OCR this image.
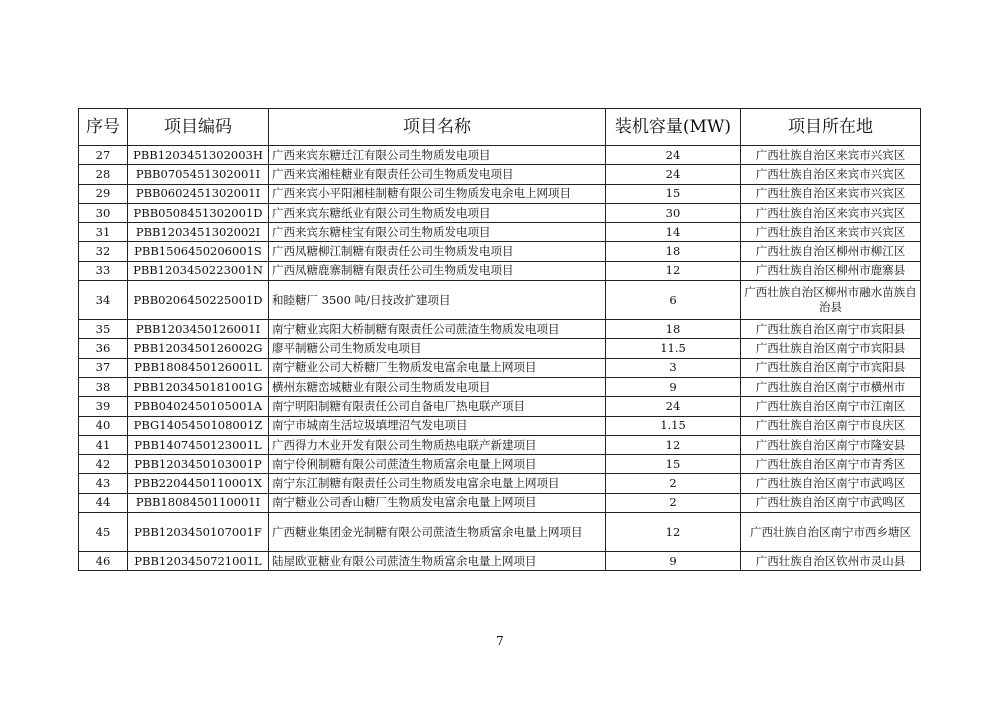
序号	项目编码	项目名称	装机容量(MW)	项目所在地
27	PBB1203451302003H	广西来宾东糖迁江有限公司生物质发电项目	24	广西壮族自治区来宾市兴宾区
28	PBB0705451302001I	广西来宾湘桂糖业有限责任公司生物质发电项目	24	广西壮族自治区来宾市兴宾区
29	PBB0602451302001I	广西来宾小平阳湘桂制糖有限公司生物质发电余电上网项目	15	广西壮族自治区来宾市兴宾区
30	PBB0508451302001D	广西来宾东糖纸业有限公司生物质发电项目	30	广西壮族自治区来宾市兴宾区
31	PBB1203451302002I	广西来宾东糖桂宝有限公司生物质发电项目	14	广西壮族自治区来宾市兴宾区
32	PBB1506450206001S	广西凤糖柳江制糖有限责任公司生物质发电项目	18	广西壮族自治区柳州市柳江区
33	PBB1203450223001N	广西凤糖鹿寨制糖有限责任公司生物质发电项目	12	广西壮族自治区柳州市鹿寨县
34	PBB0206450225001D	和睦糖厂 3500 吨/日技改扩建项目	6	广西壮族自治区柳州市融水苗族自治县
35	PBB1203450126001I	南宁糖业宾阳大桥制糖有限责任公司蔗渣生物质发电项目	18	广西壮族自治区南宁市宾阳县
36	PBB1203450126002G	廖平制糖公司生物质发电项目	11.5	广西壮族自治区南宁市宾阳县
37	PBB1808450126001L	南宁糖业公司大桥糖厂生物质发电富余电量上网项目	3	广西壮族自治区南宁市宾阳县
38	PBB1203450181001G	横州东糖峦城糖业有限公司生物质发电项目	9	广西壮族自治区南宁市横州市
39	PBB0402450105001A	南宁明阳制糖有限责任公司自备电厂热电联产项目	24	广西壮族自治区南宁市江南区
40	PBG1405450108001Z	南宁市城南生活垃圾填埋沼气发电项目	1.15	广西壮族自治区南宁市良庆区
41	PBB1407450123001L	广西得力木业开发有限公司生物质热电联产新建项目	12	广西壮族自治区南宁市隆安县
42	PBB1203450103001P	南宁伶俐制糖有限公司蔗渣生物质富余电量上网项目	15	广西壮族自治区南宁市青秀区
43	PBB2204450110001X	南宁东江制糖有限责任公司生物质发电富余电量上网项目	2	广西壮族自治区南宁市武鸣区
44	PBB1808450110001I	南宁糖业公司香山糖厂生物质发电富余电量上网项目	2	广西壮族自治区南宁市武鸣区
45	PBB1203450107001F	广西糖业集团金光制糖有限公司蔗渣生物质富余电量上网项目	12	广西壮族自治区南宁市西乡塘区
46	PBB1203450721001L	陆屋欧亚糖业有限公司蔗渣生物质富余电量上网项目	9	广西壮族自治区钦州市灵山县
7
